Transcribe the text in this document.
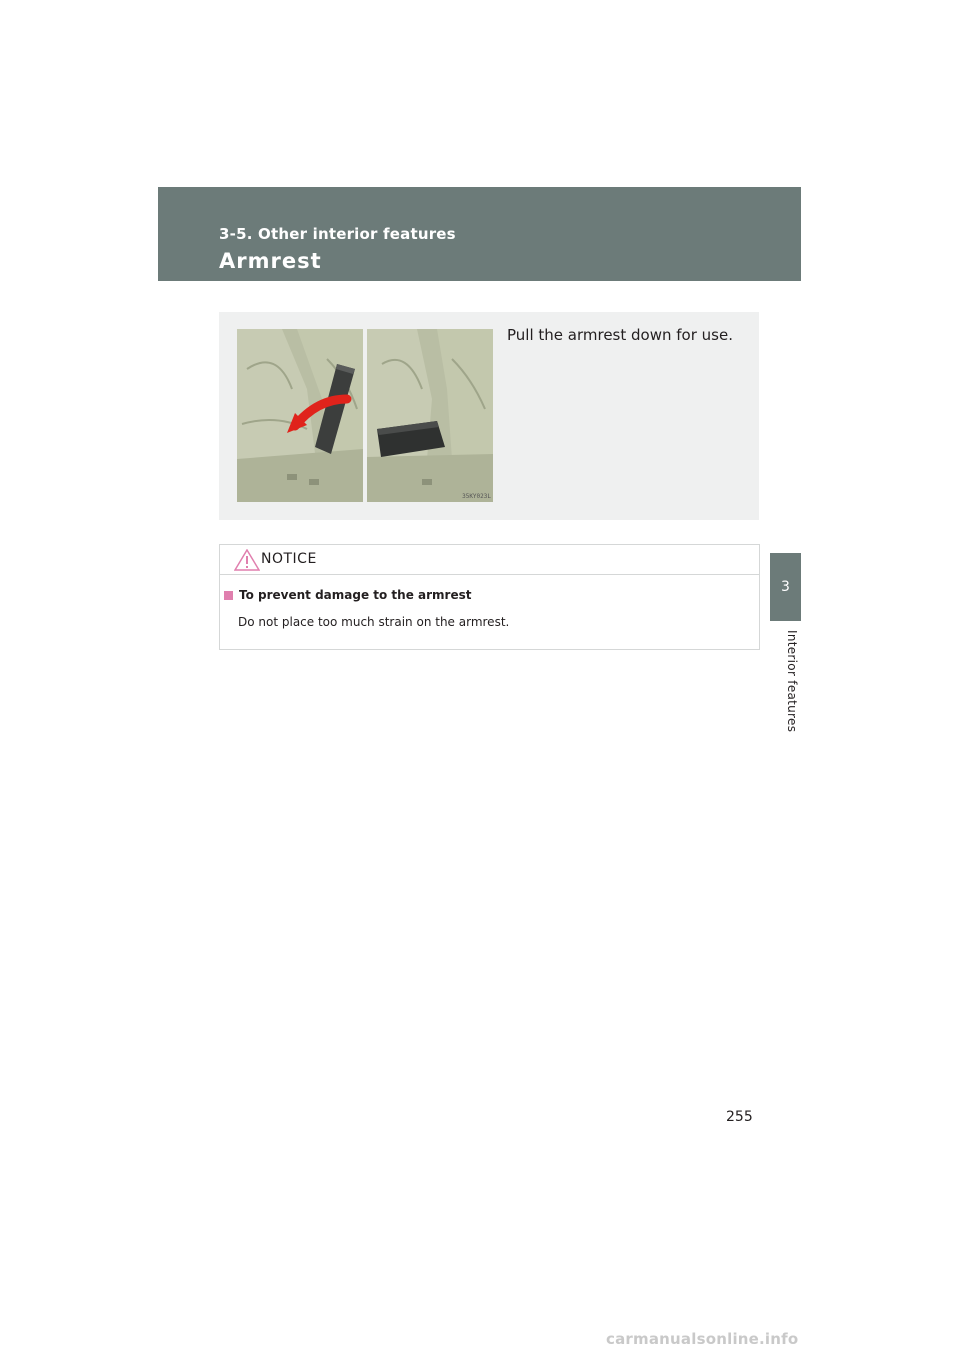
3-5. Other interior features
Armrest
3
Interior features
35KY023L
Pull the armrest down for use.
NOTICE
To prevent damage to the armrest
Do not place too much strain on the armrest.
255
carmanualsonline.info
